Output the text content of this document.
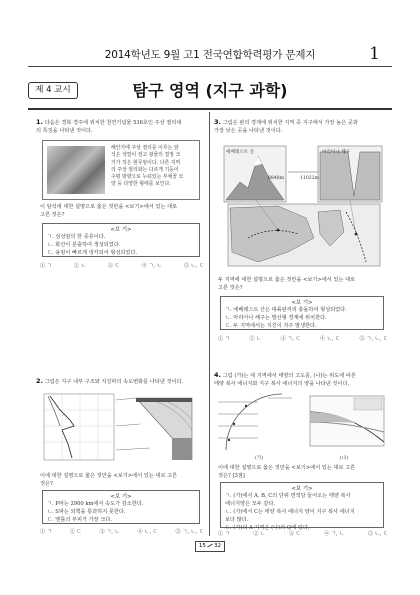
2014학년도 9월 고1 전국연합학력평가 문제지	1
제 4 교시	탐구 영역 (지구 과학)
1. 다음은 경북 경주에 위치한 천연기념물 536호인 주상 절리대
의 특징을 나타낸 것이다.
해안가에 주상 절리를 이루는 암
석은 색깔이 검고 광물의 결정 크
기가 작은 현무암이다. 다른 지역
의 주상 절리와는 다르게 기둥이
수평 방향으로 누워있는 부채꼴 모
양 등 다양한 형태를 보인다.
이 암석에 대한 설명으로 옳은 것만을 <보기>에서 있는 대로
고른 것은?
<보 기>
ㄱ. 심성암의 한 종류이다.
ㄴ. 화산이 분출하여 생성되었다.
ㄷ. 용암이 빠르게 냉각되어 형성되었다.
① ㄱ	② ㄴ	③ ㄷ	④ ㄱ, ㄴ	⑤ ㄴ, ㄷ
2. 그림은 지구 내부 구조와 지진파의 속도변화를 나타낸 것이다.
이에 대한 설명으로 옳은 것만을 <보기>에서 있는 대로 고른
것은?
<보 기>
ㄱ. P파는 2900 km에서 속도가 감소한다.
ㄴ. S파는 외핵을 통과하지 못한다.
ㄷ. 맨틀의 부피가 가장 크다.
① ㄱ	② ㄷ	③ ㄱ, ㄴ	④ ㄴ, ㄷ	⑤ ㄱ, ㄴ, ㄷ
3. 그림은 판의 경계에 위치한 지역 중 지구에서 가장 높은 곳과
가장 낮은 곳을 나타낸 것이다.
에베레스트 산
8848m
마리아나 해구
11022m
두 지역에 대한 설명으로 옳은 것만을 <보기>에서 있는 대로
고른 것은?
<보 기>
ㄱ. 에베레스트 산은 대륙판끼리 충돌하여 형성되었다.
ㄴ. 마리아나 해구는 발산형 경계에 위치한다.
ㄷ. 두 지역에서는 지진이 자주 발생한다.
① ㄱ	② ㄴ	③ ㄱ, ㄷ	④ ㄴ, ㄷ	⑤ ㄱ, ㄴ, ㄷ
4. 그림 (가)는 세 지역에서 태양의 고도를, (나)는 위도에 따른
태양 복사 에너지와 지구 복사 에너지의 양을 나타낸 것이다.
(가)	(나)
이에 대한 설명으로 옳은 것만을 <보기>에서 있는 대로 고른
것은? [3점]
<보 기>
ㄱ. (가)에서 A, B, C의 단위 면적당 들어오는 태양 복사
에너지양은 모두 같다.
ㄴ. (가)에서 C는 태양 복사 에너지 양이 지구 복사 에너지
보다 많다.
ㄷ. (가)의 A 지역은 (나)의 Q에 있다.
① ㄱ	② ㄴ	③ ㄷ	④ ㄱ, ㄴ	⑤ ㄴ, ㄷ
15 32
